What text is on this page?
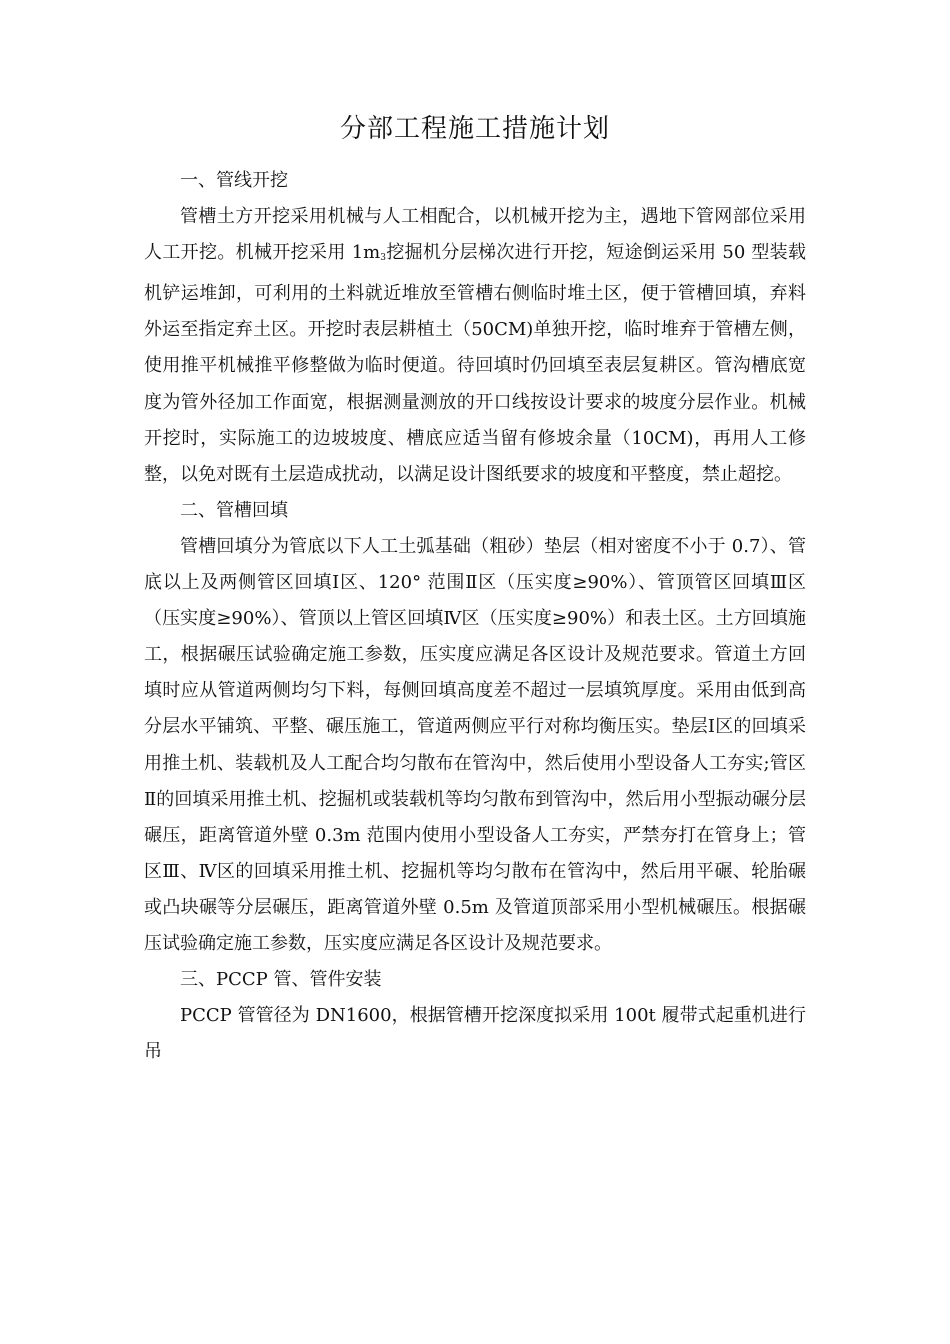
分部工程施工措施计划

一、管线开挖

管槽土方开挖采用机械与人工相配合，以机械开挖为主，遇地下管网部位采用人工开挖。机械开挖采用 $1m_3$挖掘机分层梯次进行开挖，短途倒运采用 50 型装载机铲运堆卸，可利用的土料就近堆放至管槽右侧临时堆土区，便于管槽回填，弃料外运至指定弃土区。开挖时表层耕植土（50CM)单独开挖，临时堆弃于管槽左侧，使用推平机械推平修整做为临时便道。待回填时仍回填至表层复耕区。管沟槽底宽度为管外径加工作面宽，根据测量测放的开口线按设计要求的坡度分层作业。机械开挖时，实际施工的边坡坡度、槽底应适当留有修坡余量（10CM)，再用人工修整，以免对既有土层造成扰动，以满足设计图纸要求的坡度和平整度，禁止超挖。

二、管槽回填

管槽回填分为管底以下人工土弧基础（粗砂）垫层（相对密度不小于 0.7）、管底以上及两侧管区回填Ⅰ区、120° 范围Ⅱ区（压实度≥90%）、管顶管区回填Ⅲ区（压实度≥90%）、管顶以上管区回填Ⅳ区（压实度≥90%）和表土区。土方回填施工，根据碾压试验确定施工参数，压实度应满足各区设计及规范要求。管道土方回填时应从管道两侧均匀下料，每侧回填高度差不超过一层填筑厚度。采用由低到高分层水平铺筑、平整、碾压施工，管道两侧应平行对称均衡压实。垫层Ⅰ区的回填采用推土机、装载机及人工配合均匀散布在管沟中，然后使用小型设备人工夯实;管区Ⅱ的回填采用推土机、挖掘机或装载机等均匀散布到管沟中，然后用小型振动碾分层碾压，距离管道外壁 0.3m 范围内使用小型设备人工夯实，严禁夯打在管身上；管区Ⅲ、Ⅳ区的回填采用推土机、挖掘机等均匀散布在管沟中，然后用平碾、轮胎碾或凸块碾等分层碾压，距离管道外壁 0.5m 及管道顶部采用小型机械碾压。根据碾压试验确定施工参数，压实度应满足各区设计及规范要求。

三、PCCP 管、管件安装

PCCP 管管径为 DN1600，根据管槽开挖深度拟采用 100t 履带式起重机进行吊
